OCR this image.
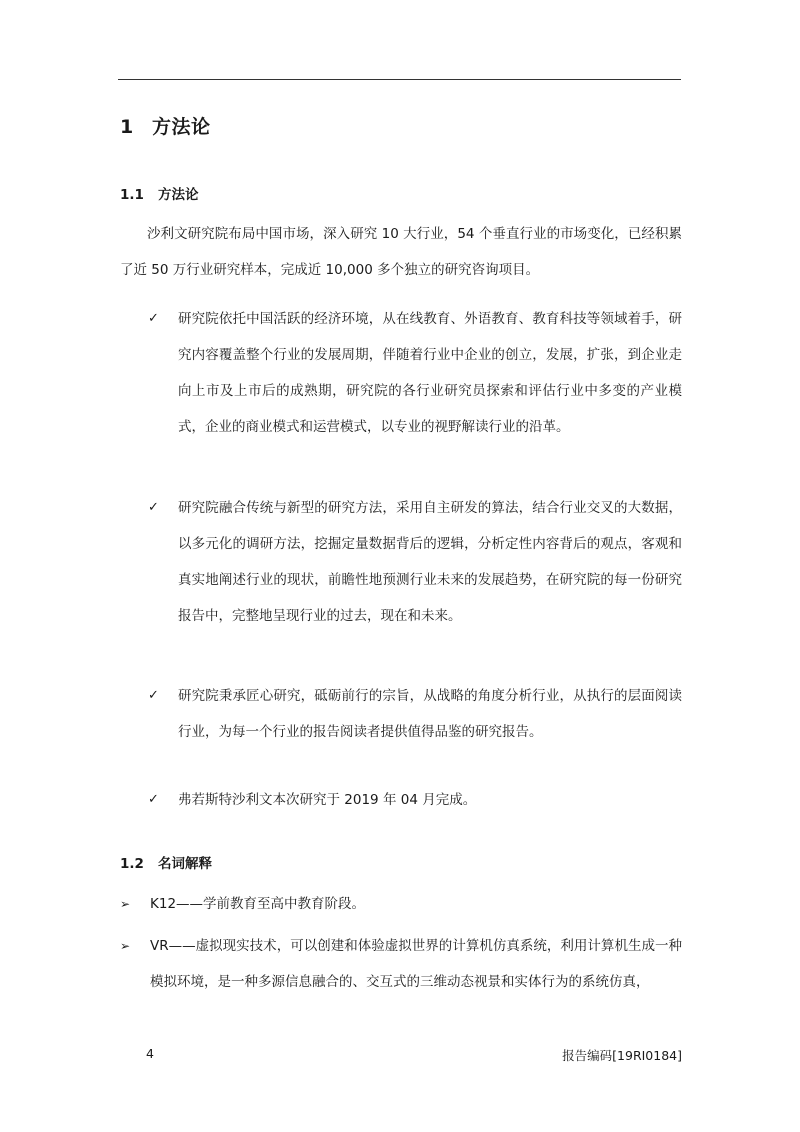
1 方法论
1.1 方法论
沙利文研究院布局中国市场，深入研究 10 大行业，54 个垂直行业的市场变化，已经积累了近 50 万行业研究样本，完成近 10,000 多个独立的研究咨询项目。
✓	研究院依托中国活跃的经济环境，从在线教育、外语教育、教育科技等领域着手，研究内容覆盖整个行业的发展周期，伴随着行业中企业的创立，发展，扩张，到企业走向上市及上市后的成熟期，研究院的各行业研究员探索和评估行业中多变的产业模式，企业的商业模式和运营模式，以专业的视野解读行业的沿革。
✓	研究院融合传统与新型的研究方法，采用自主研发的算法，结合行业交叉的大数据，以多元化的调研方法，挖掘定量数据背后的逻辑，分析定性内容背后的观点，客观和真实地阐述行业的现状，前瞻性地预测行业未来的发展趋势，在研究院的每一份研究报告中，完整地呈现行业的过去，现在和未来。
✓	研究院秉承匠心研究，砥砺前行的宗旨，从战略的角度分析行业，从执行的层面阅读行业，为每一个行业的报告阅读者提供值得品鉴的研究报告。
✓	弗若斯特沙利文本次研究于 2019 年 04 月完成。
1.2 名词解释
➢	K12——学前教育至高中教育阶段。
➢	VR——虚拟现实技术，可以创建和体验虚拟世界的计算机仿真系统，利用计算机生成一种模拟环境，是一种多源信息融合的、交互式的三维动态视景和实体行为的系统仿真，
4	报告编码[19RI0184]
